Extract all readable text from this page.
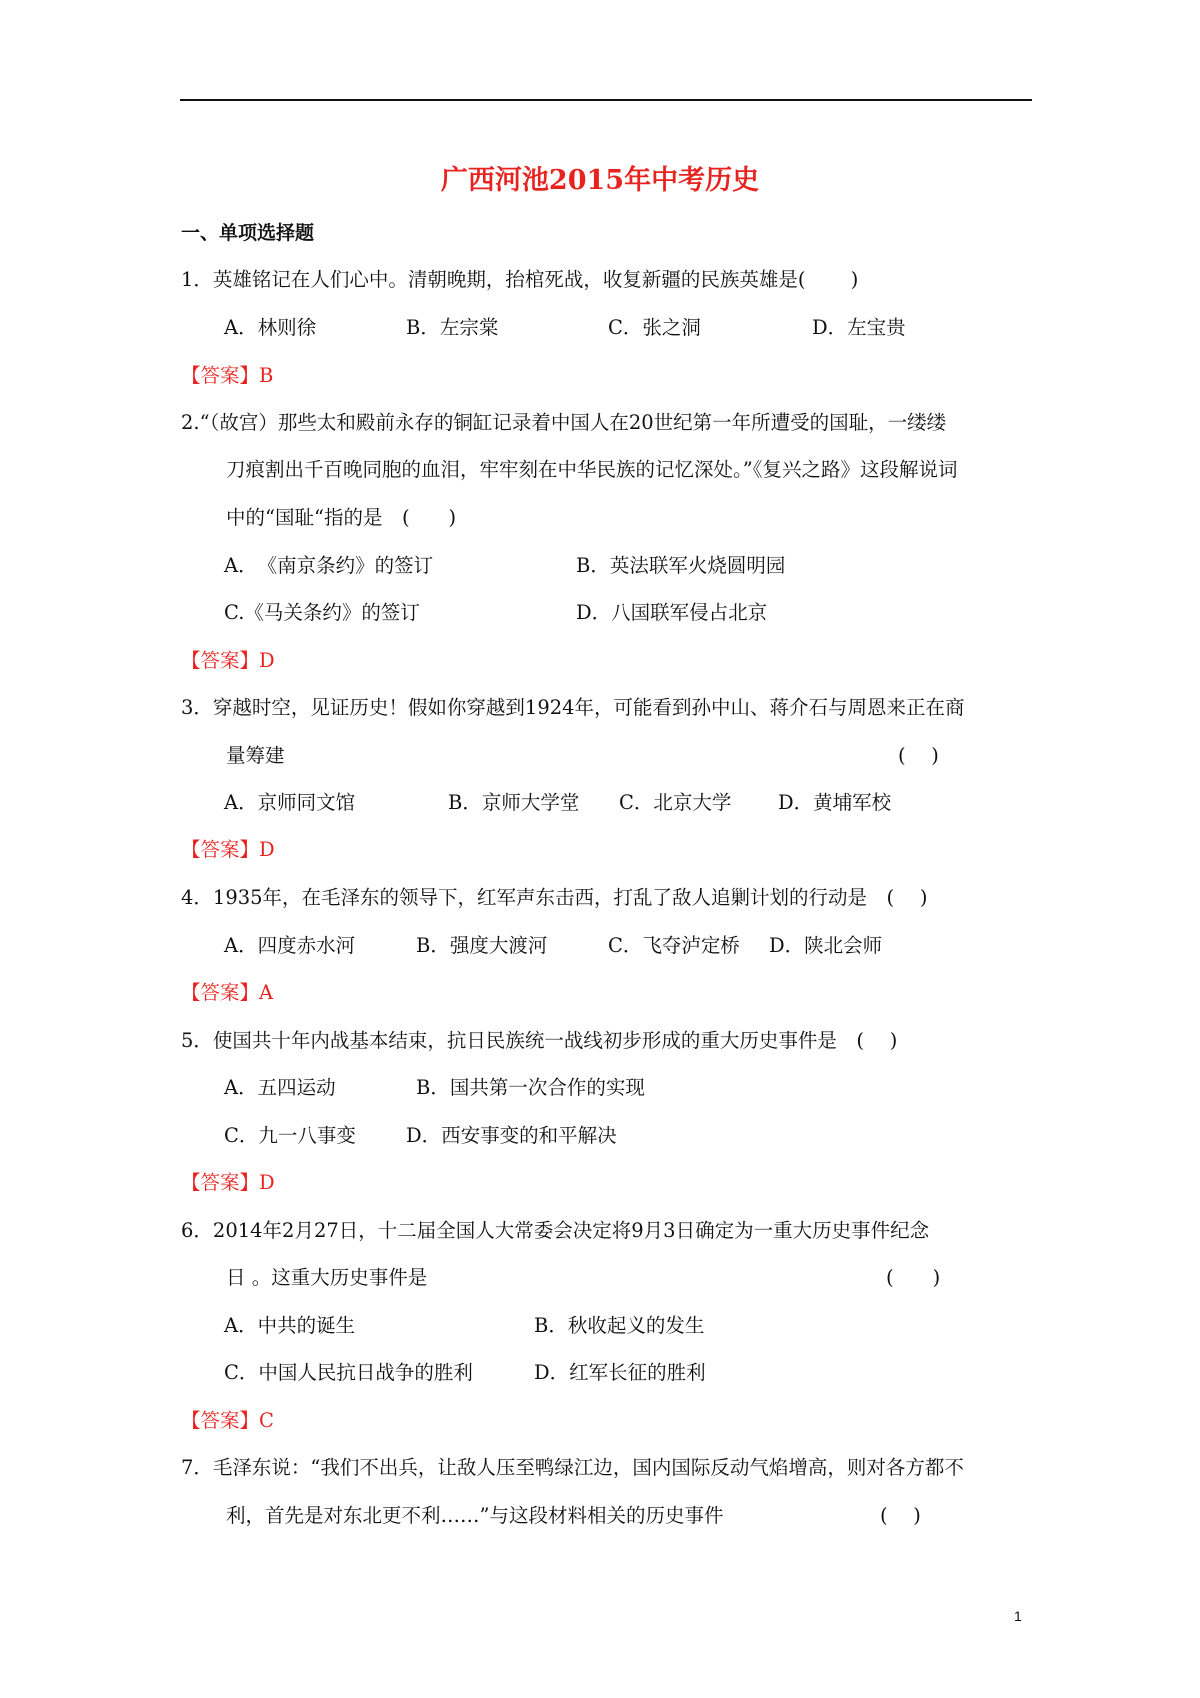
广西河池2015年中考历史
一、单项选择题
1．英雄铭记在人们心中。清朝晚期，抬棺死战，收复新疆的民族英雄是(　　 )
A．林则徐	B．左宗棠	C．张之洞	D．左宝贵
【答案】B
2.“（故宫）那些太和殿前永存的铜缸记录着中国人在20世纪第一年所遭受的国耻，一缕缕
刀痕割出千百晚同胞的血泪，牢牢刻在中华民族的记忆深处。”《复兴之路》这段解说词
中的“国耻“指的是　(　　)
A．　《南京条约》的签订	B．英法联军火烧圆明园
C.《马关条约》的签订	D．八国联军侵占北京
【答案】D
3．穿越时空，见证历史！假如你穿越到1924年，可能看到孙中山、蒋介石与周恩来正在商
量筹建	(　 )
A．京师同文馆	B．京师大学堂 C．北京大学 D．黄埔军校
【答案】D
4．1935年，在毛泽东的领导下，红军声东击西，打乱了敌人追剿计划的行动是　(　 )
A．四度赤水河	B．强度大渡河	C．飞夺泸定桥 D．陕北会师
【答案】A
5．使国共十年内战基本结束，抗日民族统一战线初步形成的重大历史事件是　(　 )
A．五四运动	B．国共第一次合作的实现
C．九一八事变	D．西安事变的和平解决
【答案】D
6．2014年2月27日，十二届全国人大常委会决定将9月3日确定为一重大历史事件纪念
日 。这重大历史事件是	(　　)
A．中共的诞生	B．秋收起义的发生
C．中国人民抗日战争的胜利	D．红军长征的胜利
【答案】C
7．毛泽东说：“我们不出兵，让敌人压至鸭绿江边，国内国际反动气焰增高，则对各方都不
利，首先是对东北更不利……”与这段材料相关的历史事件	(　 )
1
